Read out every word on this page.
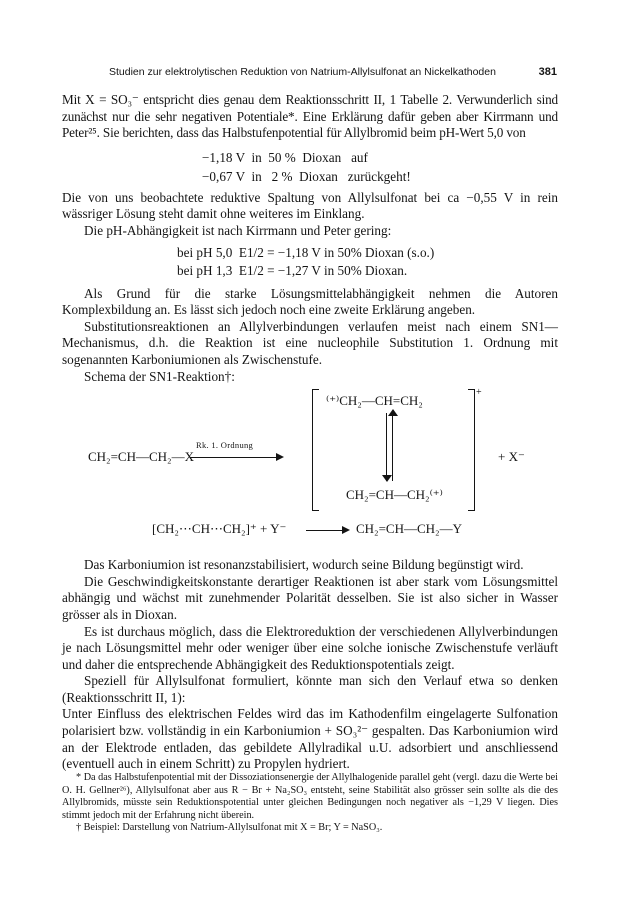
Studien zur elektrolytischen Reduktion von Natrium-Allylsulfonat an Nickelkathoden	381

Mit X = SO₃⁻ entspricht dies genau dem Reaktionsschritt II, 1 Tabelle 2. Verwunderlich sind zunächst nur die sehr negativen Potentiale*. Eine Erklärung dafür geben aber Kirrmann und Peter²⁵. Sie berichten, dass das Halbstufenpotential für Allylbromid beim pH-Wert 5,0 von

−1,18 V  in  50 %  Dioxan   auf
−0,67 V  in   2 %  Dioxan   zurückgeht!

Die von uns beobachtete reduktive Spaltung von Allylsulfonat bei ca −0,55 V in rein wässriger Lösung steht damit ohne weiteres im Einklang.

Die pH-Abhängigkeit ist nach Kirrmann und Peter gering:

bei pH 5,0  E1/2 = −1,18 V in 50% Dioxan (s.o.)
bei pH 1,3  E1/2 = −1,27 V in 50% Dioxan.

Als Grund für die starke Lösungsmittelabhängigkeit nehmen die Autoren Komplexbildung an. Es lässt sich jedoch noch eine zweite Erklärung angeben.

Substitutionsreaktionen an Allylverbindungen verlaufen meist nach einem SN1—Mechanismus, d.h. die Reaktion ist eine nucleophile Substitution 1. Ordnung mit sogenannten Karboniumionen als Zwischenstufe.

Schema der SN1-Reaktion†:

CH₂=CH—CH₂—X
Rk. 1. Ordnung
+
⁽⁺⁾CH₂—CH=CH₂
CH₂=CH—CH₂⁽⁺⁾
+ X⁻
[CH₂⋯CH⋯CH₂]⁺ + Y⁻	CH₂=CH—CH₂—Y

Das Karboniumion ist resonanzstabilisiert, wodurch seine Bildung begünstigt wird.

Die Geschwindigkeitskonstante derartiger Reaktionen ist aber stark vom Lösungsmittel abhängig und wächst mit zunehmender Polarität desselben. Sie ist also sicher in Wasser grösser als in Dioxan.

Es ist durchaus möglich, dass die Elektroreduktion der verschiedenen Allylverbindungen je nach Lösungsmittel mehr oder weniger über eine solche ionische Zwischenstufe verläuft und daher die entsprechende Abhängigkeit des Reduktionspotentials zeigt.

Speziell für Allylsulfonat formuliert, könnte man sich den Verlauf etwa so denken (Reaktionsschritt II, 1):

Unter Einfluss des elektrischen Feldes wird das im Kathodenfilm eingelagerte Sulfonation polarisiert bzw. vollständig in ein Karboniumion + SO₃²⁻ gespalten. Das Karboniumion wird an der Elektrode entladen, das gebildete Allylradikal u.U. adsorbiert und anschliessend (eventuell auch in einem Schritt) zu Propylen hydriert.

* Da das Halbstufenpotential mit der Dissoziationsenergie der Allylhalogenide parallel geht (vergl. dazu die Werte bei O. H. Gellner²⁶), Allylsulfonat aber aus R − Br + Na₂SO₃ entsteht, seine Stabilität also grösser sein sollte als die des Allylbromids, müsste sein Reduktionspotential unter gleichen Bedingungen noch negativer als −1,29 V liegen. Dies stimmt jedoch mit der Erfahrung nicht überein.

† Beispiel: Darstellung von Natrium-Allylsulfonat mit X = Br; Y = NaSO₃.
